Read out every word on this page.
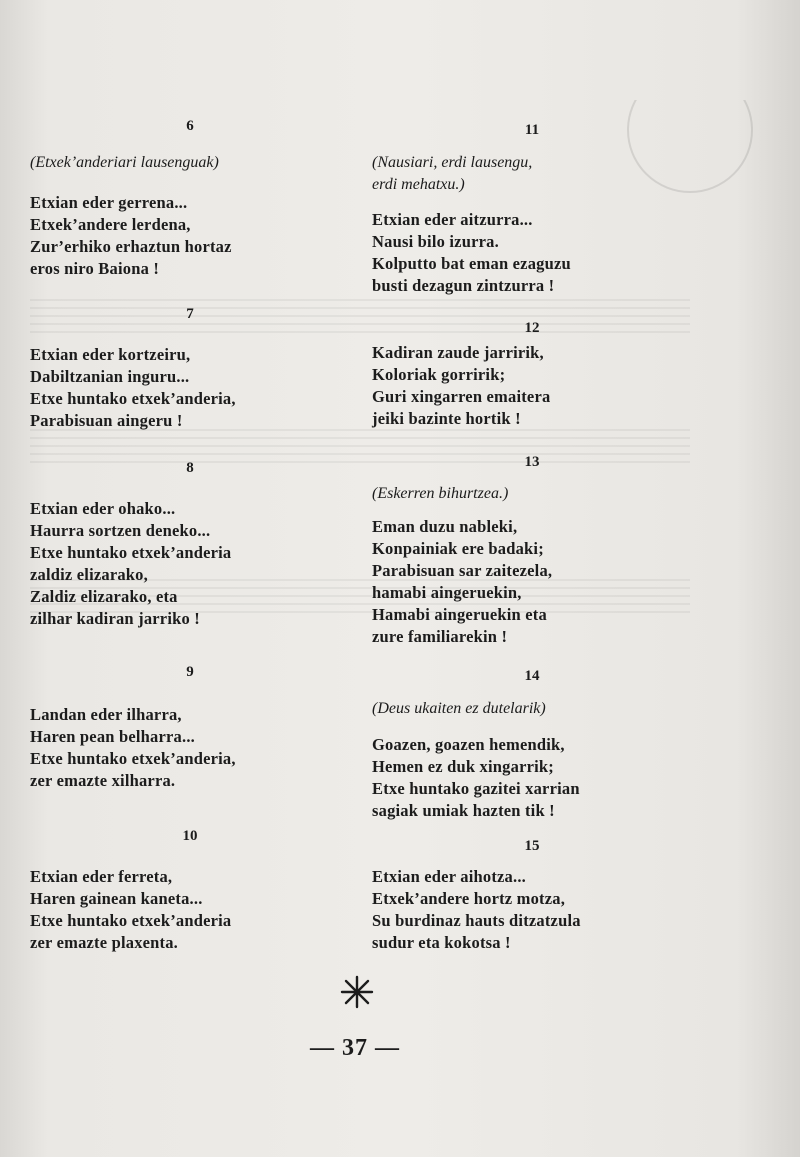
6
(Etxek’anderiari lausenguak)
Etxian eder gerrena...
Etxek’andere lerdena,
Zur’erhiko erhaztun hortaz
eros niro Baiona !
7
Etxian eder kortzeiru,
Dabiltzanian inguru...
Etxe huntako etxek’anderia,
Parabisuan aingeru !
8
Etxian eder ohako...
Haurra sortzen deneko...
Etxe huntako etxek’anderia
zaldiz elizarako,
Zaldiz elizarako, eta
zilhar kadiran jarriko !
9
Landan eder ilharra,
Haren pean belharra...
Etxe huntako etxek’anderia,
zer emazte xilharra.
10
Etxian eder ferreta,
Haren gainean kaneta...
Etxe huntako etxek’anderia
zer emazte plaxenta.
11
(Nausiari, erdi lausengu,
erdi mehatxu.)
Etxian eder aitzurra...
Nausi bilo izurra.
Kolputto bat eman ezaguzu
busti dezagun zintzurra !
12
Kadiran zaude jarririk,
Koloriak gorririk;
Guri xingarren emaitera
jeiki bazinte hortik !
13
(Eskerren bihurtzea.)
Eman duzu nableki,
Konpainiak ere badaki;
Parabisuan sar zaitezela,
hamabi aingeruekin,
Hamabi aingeruekin eta
zure familiarekin !
14
(Deus ukaiten ez dutelarik)
Goazen, goazen hemendik,
Hemen ez duk xingarrik;
Etxe huntako gazitei xarrian
sagiak umiak hazten tik !
15
Etxian eder aihotza...
Etxek’andere hortz motza,
Su burdinaz hauts ditzatzula
sudur eta kokotsa !
— 37 —
